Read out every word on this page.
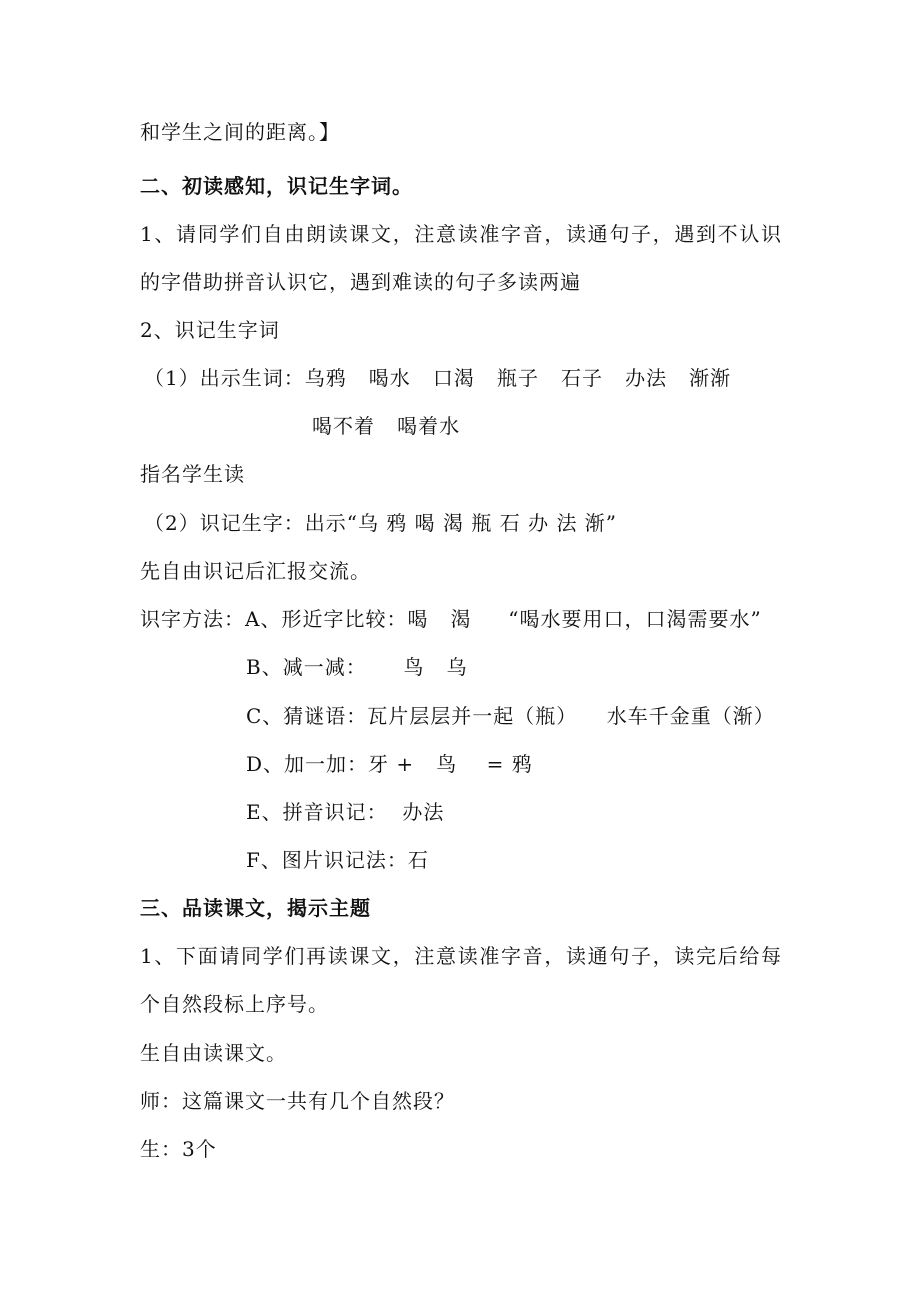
和学生之间的距离。】
二、初读感知，识记生字词。
1、请同学们自由朗读课文，注意读准字音，读通句子，遇到不认识
的字借助拼音认识它，遇到难读的句子多读两遍
2、识记生字词
（1）出示生词：乌鸦   喝水   口渴   瓶子   石子   办法   渐渐
喝不着   喝着水
指名学生读
（2）识记生字：出示“乌 鸦 喝 渴 瓶 石 办 法 渐”
先自由识记后汇报交流。
识字方法：A、形近字比较：喝   渴     “喝水要用口，口渴需要水”
B、减一减：     鸟   乌
C、猜谜语：瓦片层层并一起（瓶）    水车千金重（渐）
D、加一加：牙 +   鸟    = 鸦
E、拼音识记：  办法
F、图片识记法：石
三、品读课文，揭示主题
1、下面请同学们再读课文，注意读准字音，读通句子，读完后给每
个自然段标上序号。
生自由读课文。
师：这篇课文一共有几个自然段？
生：3个
